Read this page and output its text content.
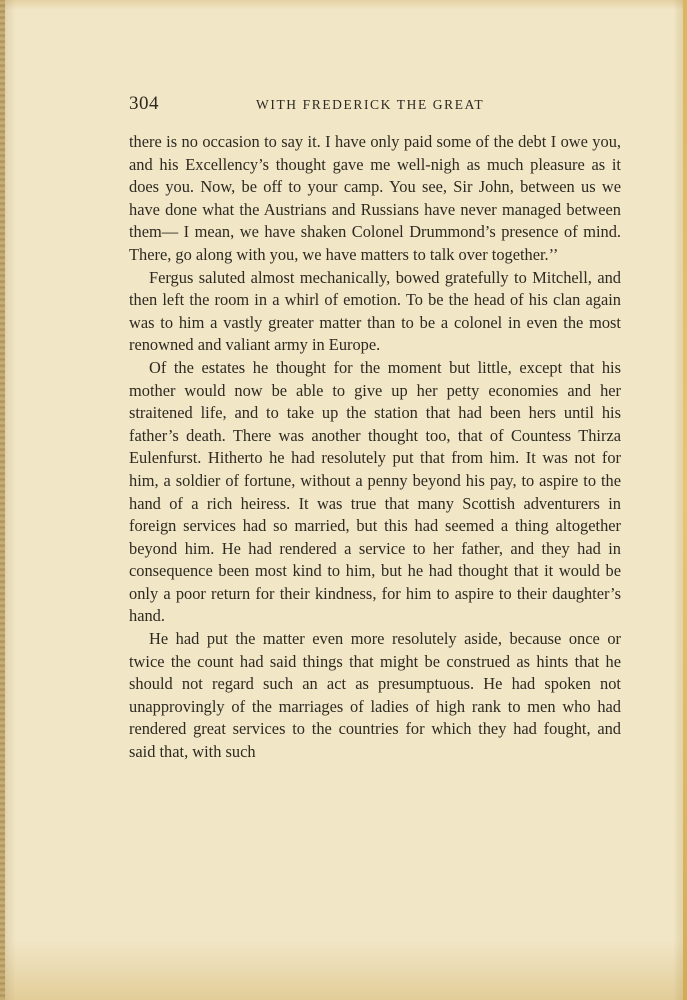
304	WITH FREDERICK THE GREAT

there is no occasion to say it. I have only paid some of the debt I owe you, and his Excellency’s thought gave me well-nigh as much pleasure as it does you. Now, be off to your camp. You see, Sir John, between us we have done what the Austrians and Russians have never managed between them— I mean, we have shaken Colonel Drummond’s presence of mind. There, go along with you, we have matters to talk over together.’’

Fergus saluted almost mechanically, bowed gratefully to Mitchell, and then left the room in a whirl of emotion. To be the head of his clan again was to him a vastly greater matter than to be a colonel in even the most renowned and valiant army in Europe.

Of the estates he thought for the moment but little, except that his mother would now be able to give up her petty economies and her straitened life, and to take up the station that had been hers until his father’s death. There was another thought too, that of Countess Thirza Eulenfurst. Hitherto he had resolutely put that from him. It was not for him, a soldier of fortune, without a penny beyond his pay, to aspire to the hand of a rich heiress. It was true that many Scottish adventurers in foreign services had so married, but this had seemed a thing altogether beyond him. He had rendered a service to her father, and they had in consequence been most kind to him, but he had thought that it would be only a poor return for their kindness, for him to aspire to their daughter’s hand.

He had put the matter even more resolutely aside, because once or twice the count had said things that might be construed as hints that he should not regard such an act as presumptuous. He had spoken not unapprovingly of the marriages of ladies of high rank to men who had rendered great services to the countries for which they had fought, and said that, with such
